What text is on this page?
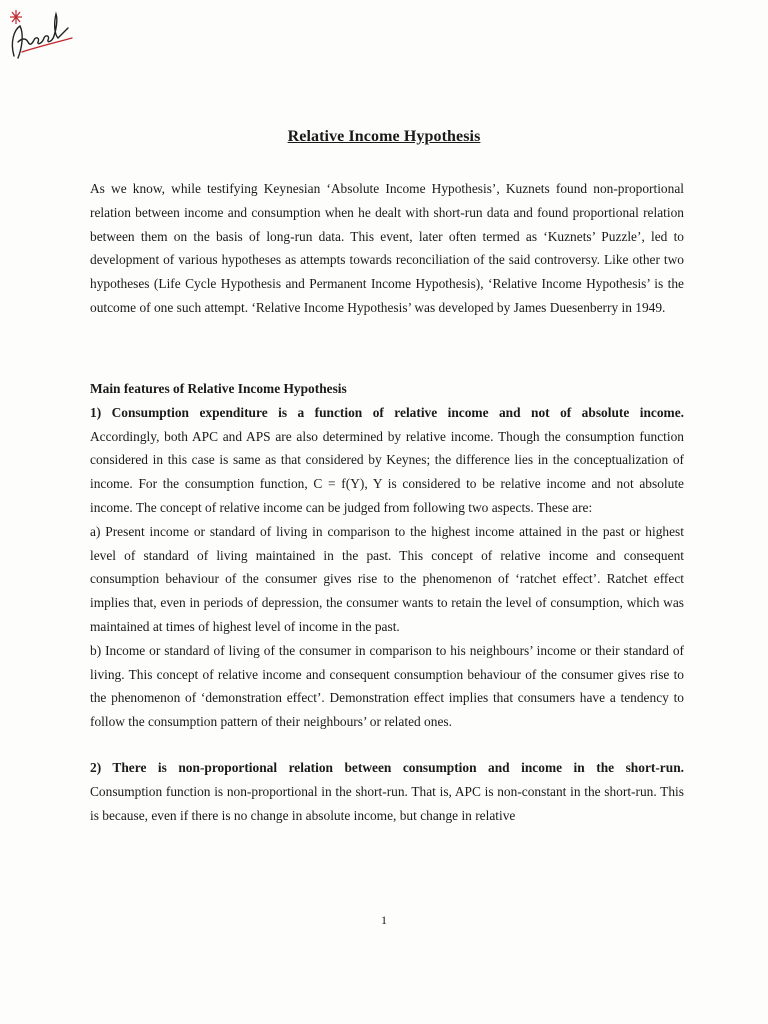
Relative Income Hypothesis

As we know, while testifying Keynesian ‘Absolute Income Hypothesis’, Kuznets found non-proportional relation between income and consumption when he dealt with short-run data and found proportional relation between them on the basis of long-run data. This event, later often termed as ‘Kuznets’ Puzzle’, led to development of various hypotheses as attempts towards reconciliation of the said controversy. Like other two hypotheses (Life Cycle Hypothesis and Permanent Income Hypothesis), ‘Relative Income Hypothesis’ is the outcome of one such attempt. ‘Relative Income Hypothesis’ was developed by James Duesenberry in 1949.

Main features of Relative Income Hypothesis

1) Consumption expenditure is a function of relative income and not of absolute income.

Accordingly, both APC and APS are also determined by relative income. Though the consumption function considered in this case is same as that considered by Keynes; the difference lies in the conceptualization of income. For the consumption function, C = f(Y), Y is considered to be relative income and not absolute income. The concept of relative income can be judged from following two aspects. These are:

a) Present income or standard of living in comparison to the highest income attained in the past or highest level of standard of living maintained in the past. This concept of relative income and consequent consumption behaviour of the consumer gives rise to the phenomenon of ‘ratchet effect’. Ratchet effect implies that, even in periods of depression, the consumer wants to retain the level of consumption, which was maintained at times of highest level of income in the past.

b) Income or standard of living of the consumer in comparison to his neighbours’ income or their standard of living. This concept of relative income and consequent consumption behaviour of the consumer gives rise to the phenomenon of ‘demonstration effect’. Demonstration effect implies that consumers have a tendency to follow the consumption pattern of their neighbours’ or related ones.

2) There is non-proportional relation between consumption and income in the short-run.

Consumption function is non-proportional in the short-run. That is, APC is non-constant in the short-run. This is because, even if there is no change in absolute income, but change in relative

1
